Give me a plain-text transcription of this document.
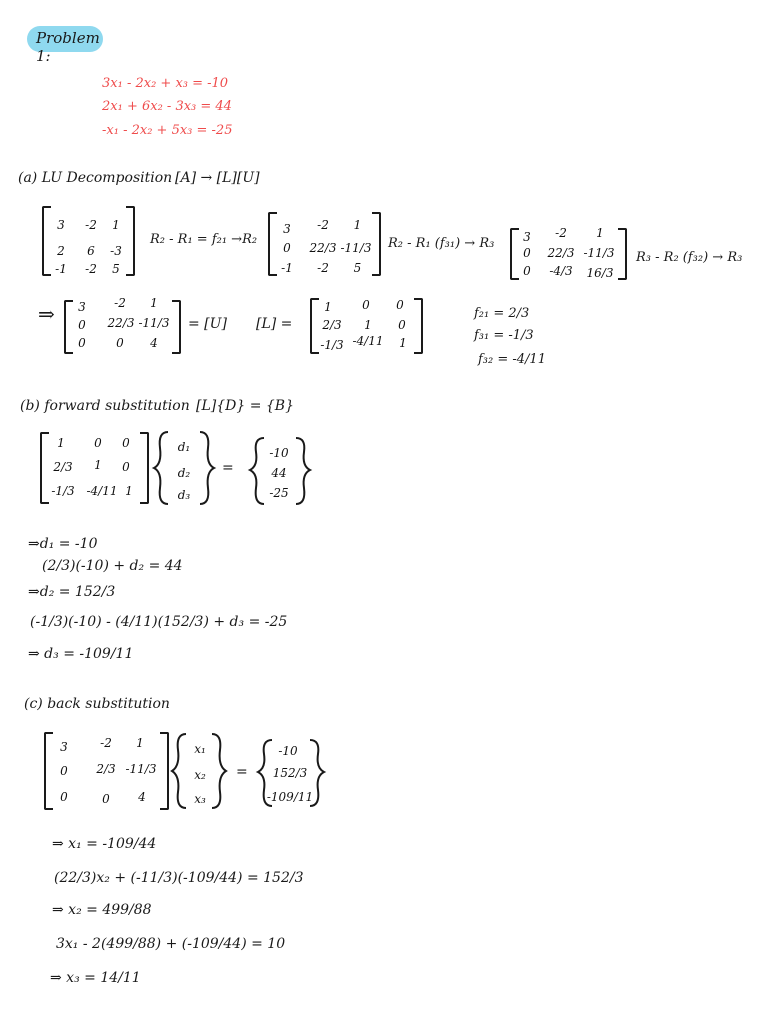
Problem 1:
3x₁ - 2x₂ + x₃ = -10
2x₁ + 6x₂ - 3x₃ = 44
-x₁ - 2x₂ + 5x₃ = -25
(a) LU Decomposition [A] → [L][U]
3	-2	1
2	6	-3
-1	-2	5
R₂ - R₁ = f₂₁ →R₂
3	-2	1
0	22/3 -11/3
-1	-2	5
R₂ - R₁ (f₃₁) → R₃	3	-2	1
0	22/3 -11/3
0	-4/3 16/3
R₃ - R₂ (f₃₂) → R₃
⇒	3	-2	1
0	22/3 -11/3
0	0	4
= [U] [L] =
1	0	0
2/3	1	0
-1/3 -4/11	1
f₂₁ = 2/3
f₃₁ = -1/3
f₃₂ = -4/11
(b) forward substitution [L]{D} = {B}
1	0	0
2/3	1	0
-1/3 -4/11 1
d₁
d₂
d₃
=
-10
44
-25
⇒d₁ = -10
(2/3)(-10) + d₂ = 44
⇒d₂ = 152/3
(-1/3)(-10) - (4/11)(152/3) + d₃ = -25
⇒ d₃ = -109/11
(c) back substitution
3	-2	1
0	2/3 -11/3
0	0	4
x₁
x₂
x₃
=
-10
152/3
-109/11
⇒ x₁ = -109/44
(22/3)x₂ + (-11/3)(-109/44) = 152/3
⇒ x₂ = 499/88
3x₁ - 2(499/88) + (-109/44) = 10
⇒ x₃ = 14/11
